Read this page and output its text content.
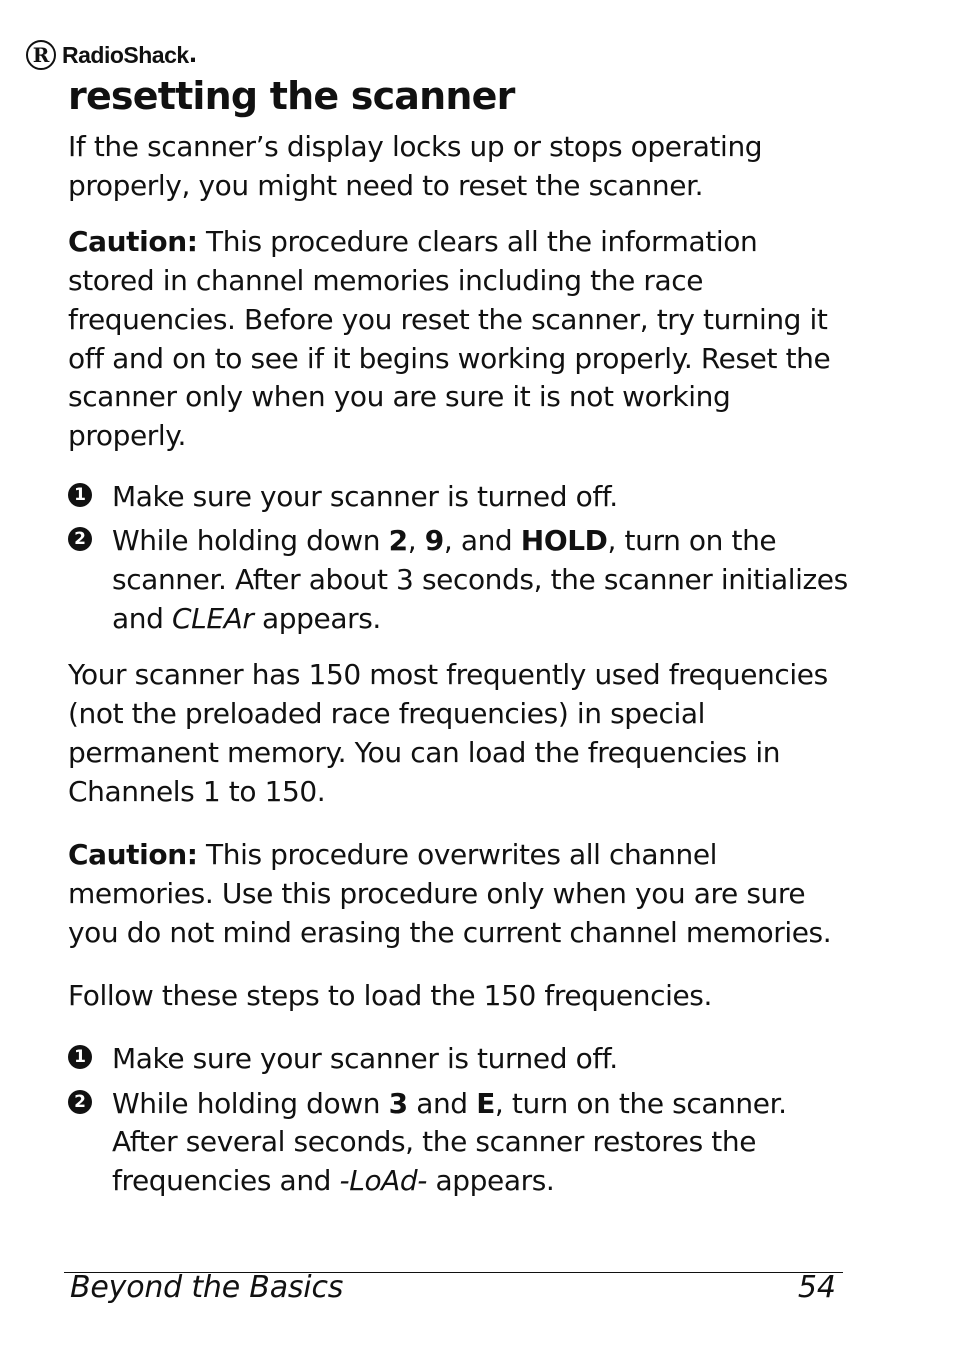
R RadioShack .
resetting the scanner

If the scanner’s display locks up or stops operating properly, you might need to reset the scanner.

Caution: This procedure clears all the information stored in channel memories including the race frequencies. Before you reset the scanner, try turning it off and on to see if it begins working properly. Reset the scanner only when you are sure it is not working properly.

1 Make sure your scanner is turned off.
2 While holding down 2, 9, and HOLD, turn on the scanner. After about 3 seconds, the scanner initializes and CLEAr appears.

Your scanner has 150 most frequently used frequencies (not the preloaded race frequencies) in special permanent memory. You can load the frequencies in Channels 1 to 150.

Caution: This procedure overwrites all channel memories. Use this procedure only when you are sure you do not mind erasing the current channel memories.

Follow these steps to load the 150 frequencies.

1 Make sure your scanner is turned off.
2 While holding down 3 and E, turn on the scanner. After several seconds, the scanner restores the frequencies and -LoAd- appears.
Beyond the Basics	54
